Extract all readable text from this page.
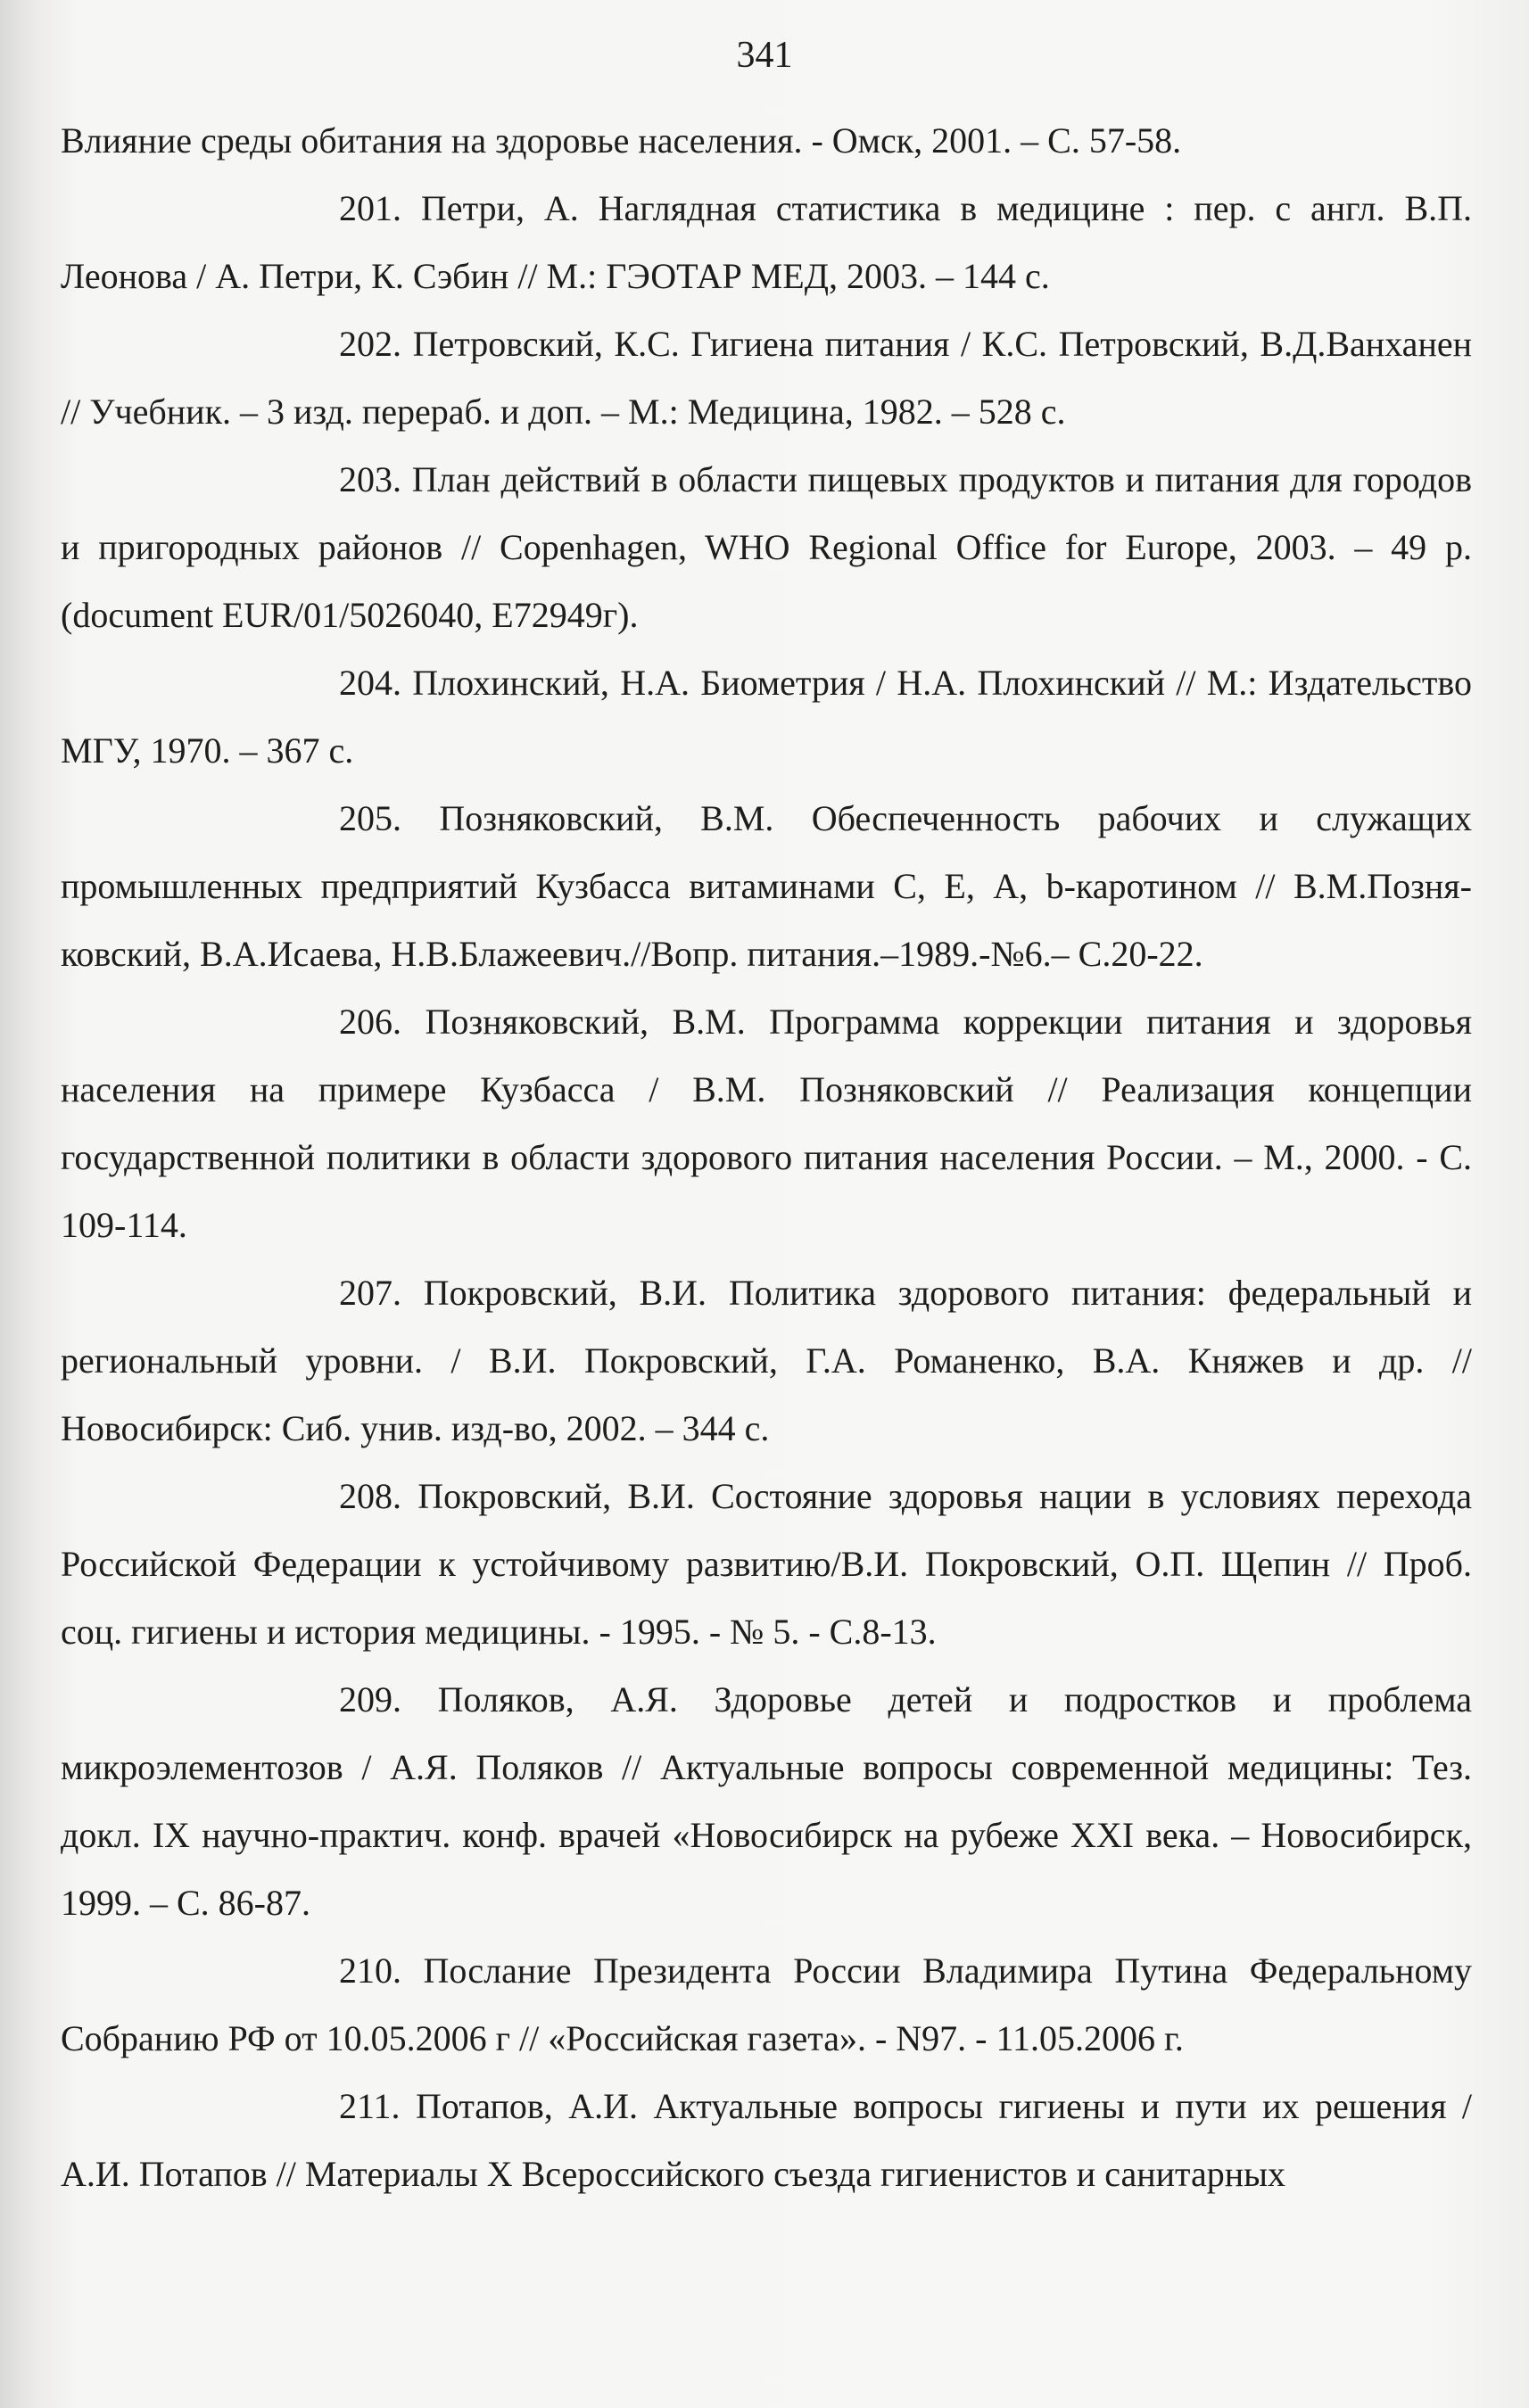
341

Влияние среды обитания на здоровье населения. - Омск, 2001. – С. 57-58.

201. Петри, А. Наглядная статистика в медицине : пер. с англ. В.П. Леонова / А. Петри, К. Сэбин // М.: ГЭОТАР МЕД, 2003. – 144 с.

202. Петровский, К.С. Гигиена питания / К.С. Петровский, В.Д.Ванханен // Учебник. – 3 изд. перераб. и доп. – М.: Медицина, 1982. – 528 с.

203. План действий в области пищевых продуктов и питания для городов и пригородных районов // Copenhagen, WHO Regional Office for Europe, 2003. – 49 p. (document EUR/01/5026040, E72949г).

204. Плохинский, Н.А. Биометрия / Н.А. Плохинский // М.: Издательство МГУ, 1970. – 367 с.

205. Позняковский, В.М. Обеспеченность рабочих и служащих промышленных предприятий Кузбасса витаминами С, Е, А, b-каротином // В.М.Позня-ковский, В.А.Исаева, Н.В.Блажеевич.//Вопр. питания.–1989.-№6.– С.20-22.

206. Позняковский, В.М. Программа коррекции питания и здоровья населения на примере Кузбасса / В.М. Позняковский // Реализация концепции государственной политики в области здорового питания населения России. – М., 2000. - С. 109-114.

207. Покровский, В.И. Политика здорового питания: федеральный и региональный уровни. / В.И. Покровский, Г.А. Романенко, В.А. Княжев и др. // Новосибирск: Сиб. унив. изд-во, 2002. – 344 с.

208. Покровский, В.И. Состояние здоровья нации в условиях перехода Российской Федерации к устойчивому развитию/В.И. Покровский, О.П. Щепин // Проб. соц. гигиены и история медицины. - 1995. - № 5. - С.8-13.

209. Поляков, А.Я. Здоровье детей и подростков и проблема микроэлементозов / А.Я. Поляков // Актуальные вопросы современной медицины: Тез. докл. IX научно-практич. конф. врачей «Новосибирск на рубеже XXI века. – Новосибирск, 1999. – С. 86-87.

210. Послание Президента России Владимира Путина Федеральному Собранию РФ от 10.05.2006 г // «Российская газета». - N97. - 11.05.2006 г.

211. Потапов, А.И. Актуальные вопросы гигиены и пути их решения / А.И. Потапов // Материалы Х Всероссийского съезда гигиенистов и санитарных
